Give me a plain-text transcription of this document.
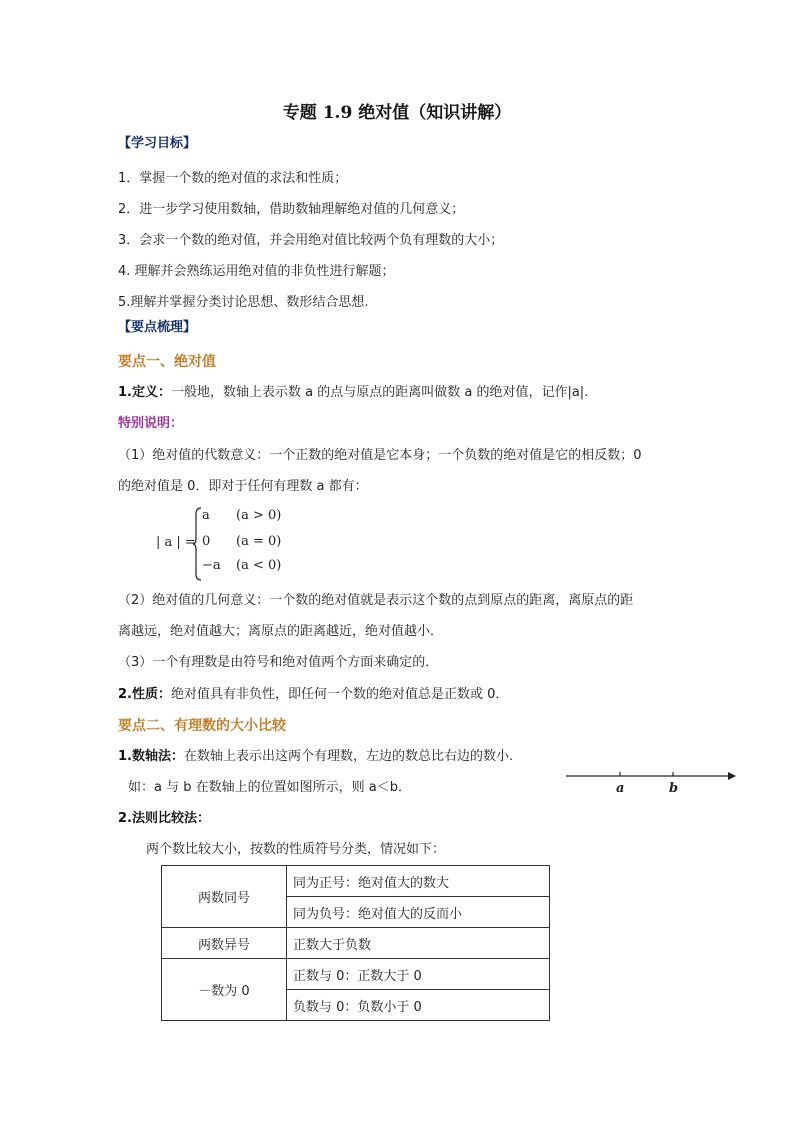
专题 1.9 绝对值（知识讲解）
【学习目标】
1．掌握一个数的绝对值的求法和性质；
2．进一步学习使用数轴，借助数轴理解绝对值的几何意义；
3．会求一个数的绝对值，并会用绝对值比较两个负有理数的大小；
4. 理解并会熟练运用绝对值的非负性进行解题；
5.理解并掌握分类讨论思想、数形结合思想.
【要点梳理】
要点一、绝对值
1.定义：一般地，数轴上表示数 a 的点与原点的距离叫做数 a 的绝对值，记作|a|.
特别说明：
（1）绝对值的代数意义：一个正数的绝对值是它本身；一个负数的绝对值是它的相反数；0
的绝对值是 0．即对于任何有理数 a 都有：
| a | =
a (a > 0)
0 (a = 0)
−a (a < 0)
（2）绝对值的几何意义：一个数的绝对值就是表示这个数的点到原点的距离，离原点的距
离越远，绝对值越大；离原点的距离越近，绝对值越小．
（3）一个有理数是由符号和绝对值两个方面来确定的．
2.性质：绝对值具有非负性，即任何一个数的绝对值总是正数或 0．
要点二、有理数的大小比较
1.数轴法：在数轴上表示出这两个有理数，左边的数总比右边的数小.
如：a 与 b 在数轴上的位置如图所示，则 a＜b．	a	b
2.法则比较法：
两个数比较大小，按数的性质符号分类，情况如下：
两数同号	同为正号：绝对值大的数大
	同为负号：绝对值大的反而小
两数异号	正数大于负数
－数为 0	正数与 0：正数大于 0
	负数与 0：负数小于 0
